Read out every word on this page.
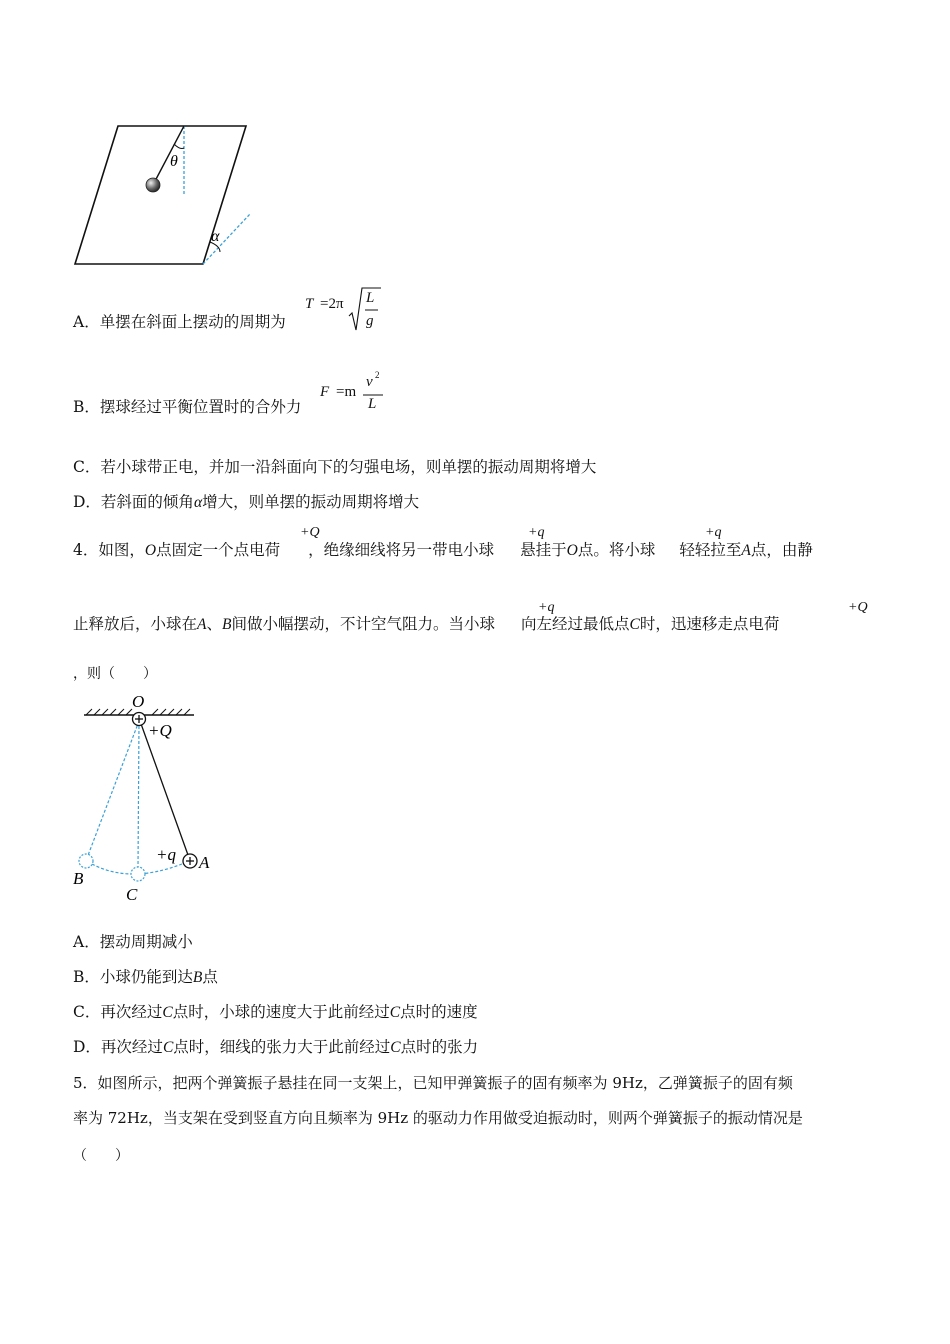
θ
α
A．单摆在斜面上摆动的周期为
T =2π L
g
B．摆球经过平衡位置时的合外力
F =m
v 2
L
C．若小球带正电，并加一沿斜面向下的匀强电场，则单摆的振动周期将增大
D．若斜面的倾角α增大，则单摆的振动周期将增大
4．如图，O点固定一个点电荷 ，绝缘细线将另一带电小球 悬挂于O点。将小球 轻轻拉至A点，由静
+Q	+q	+q
止释放后，小球在A、B间做小幅摆动，不计空气阻力。当小球 向左经过最低点C时，迅速移走点电荷
+q	+Q
，则（　　）
O
+Q
+q A
B
C
A．摆动周期减小
B．小球仍能到达B点
C．再次经过C点时，小球的速度大于此前经过C点时的速度
D．再次经过C点时，细线的张力大于此前经过C点时的张力
5．如图所示，把两个弹簧振子悬挂在同一支架上，已知甲弹簧振子的固有频率为 9Hz，乙弹簧振子的固有频
率为 72Hz，当支架在受到竖直方向且频率为 9Hz 的驱动力作用做受迫振动时，则两个弹簧振子的振动情况是
（　　）
